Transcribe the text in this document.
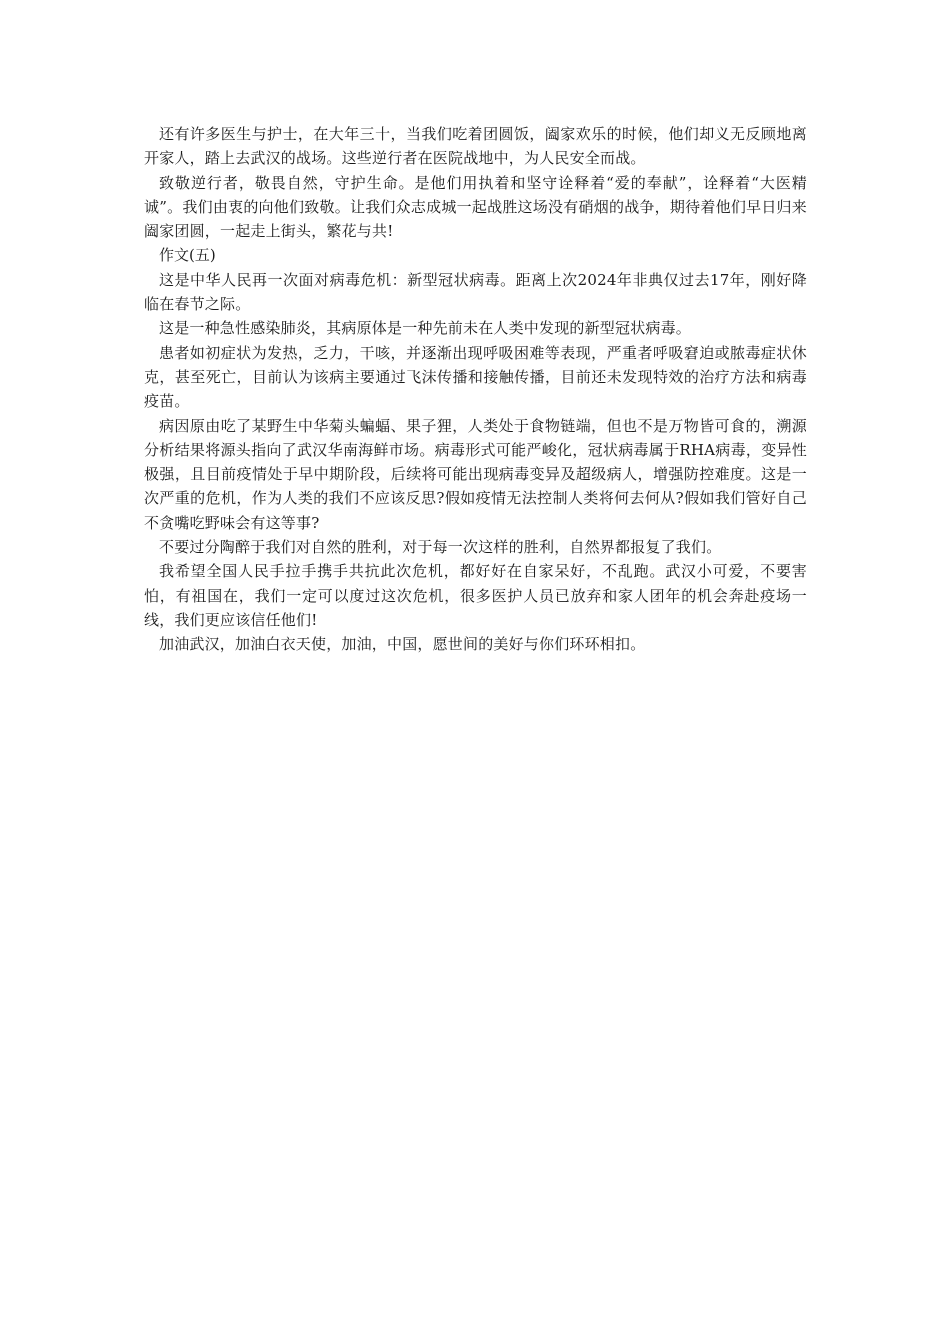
还有许多医生与护士，在大年三十，当我们吃着团圆饭，阖家欢乐的时候，他们却义无反顾地离开家人，踏上去武汉的战场。这些逆行者在医院战地中，为人民安全而战。

致敬逆行者，敬畏自然，守护生命。是他们用执着和坚守诠释着“爱的奉献”，诠释着“大医精诚”。我们由衷的向他们致敬。让我们众志成城一起战胜这场没有硝烟的战争，期待着他们早日归来阖家团圆，一起走上街头，繁花与共!

作文(五)

这是中华人民再一次面对病毒危机：新型冠状病毒。距离上次2024年非典仅过去17年，刚好降临在春节之际。

这是一种急性感染肺炎，其病原体是一种先前未在人类中发现的新型冠状病毒。

患者如初症状为发热，乏力，干咳，并逐渐出现呼吸困难等表现，严重者呼吸窘迫或脓毒症状休克，甚至死亡，目前认为该病主要通过飞沫传播和接触传播，目前还未发现特效的治疗方法和病毒疫苗。

病因原由吃了某野生中华菊头蝙蝠、果子狸，人类处于食物链端，但也不是万物皆可食的，溯源分析结果将源头指向了武汉华南海鲜市场。病毒形式可能严峻化，冠状病毒属于RHA病毒，变异性极强，且目前疫情处于早中期阶段，后续将可能出现病毒变异及超级病人，增强防控难度。这是一次严重的危机，作为人类的我们不应该反思?假如疫情无法控制人类将何去何从?假如我们管好自己不贪嘴吃野味会有这等事?

不要过分陶醉于我们对自然的胜利，对于每一次这样的胜利，自然界都报复了我们。

我希望全国人民手拉手携手共抗此次危机，都好好在自家呆好，不乱跑。武汉小可爱，不要害怕，有祖国在，我们一定可以度过这次危机，很多医护人员已放弃和家人团年的机会奔赴疫场一线，我们更应该信任他们!

加油武汉，加油白衣天使，加油，中国，愿世间的美好与你们环环相扣。
